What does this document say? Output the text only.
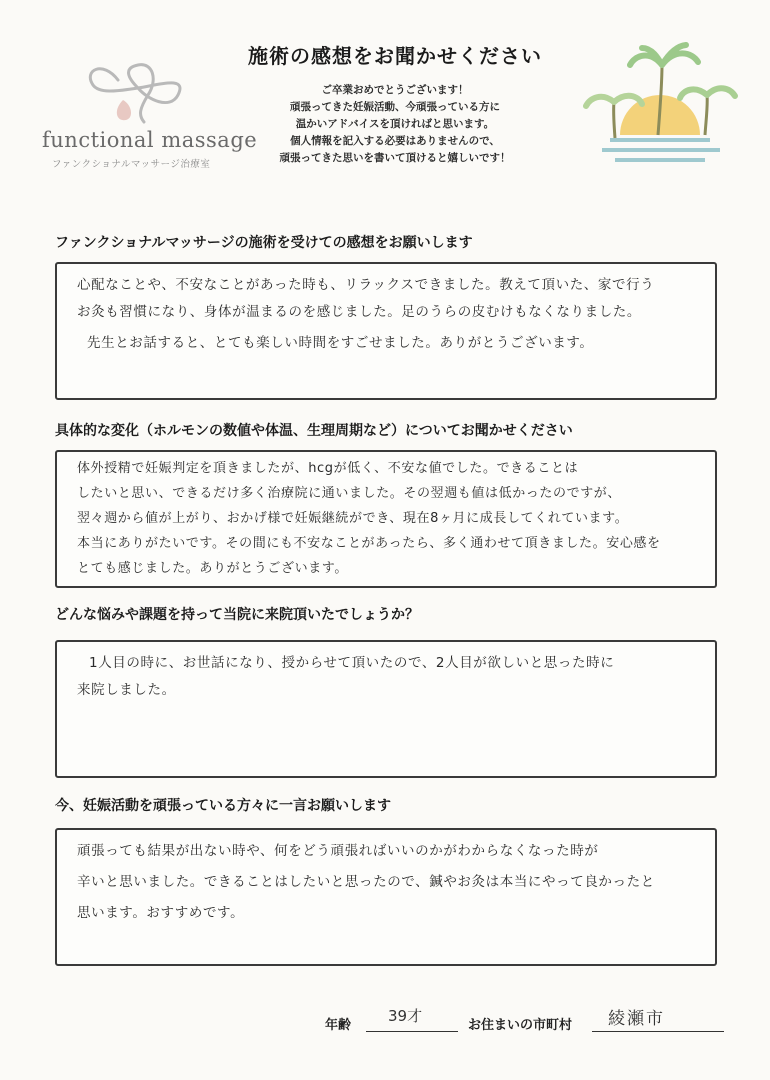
functional massage
ファンクショナルマッサージ治療室
施術の感想をお聞かせください
ご卒業おめでとうございます！
頑張ってきた妊娠活動、今頑張っている方に
温かいアドバイスを頂ければと思います。
個人情報を記入する必要はありませんので、
頑張ってきた思いを書いて頂けると嬉しいです！
ファンクショナルマッサージの施術を受けての感想をお願いします
心配なことや、不安なことがあった時も、リラックスできました。教えて頂いた、家で行う
お灸も習慣になり、身体が温まるのを感じました。足のうらの皮むけもなくなりました。
先生とお話すると、とても楽しい時間をすごせました。ありがとうございます。
具体的な変化（ホルモンの数値や体温、生理周期など）についてお聞かせください
体外授精で妊娠判定を頂きましたが、hcgが低く、不安な値でした。できることは
したいと思い、できるだけ多く治療院に通いました。その翌週も値は低かったのですが、
翌々週から値が上がり、おかげ様で妊娠継続ができ、現在8ヶ月に成長してくれています。
本当にありがたいです。その間にも不安なことがあったら、多く通わせて頂きました。安心感を
とても感じました。ありがとうございます。
どんな悩みや課題を持って当院に来院頂いたでしょうか？
1人目の時に、お世話になり、授からせて頂いたので、2人目が欲しいと思った時に
来院しました。
今、妊娠活動を頑張っている方々に一言お願いします
頑張っても結果が出ない時や、何をどう頑張ればいいのかがわからなくなった時が
辛いと思いました。できることはしたいと思ったので、鍼やお灸は本当にやって良かったと
思います。おすすめです。
年齢
39才
お住まいの市町村 綾瀬市
